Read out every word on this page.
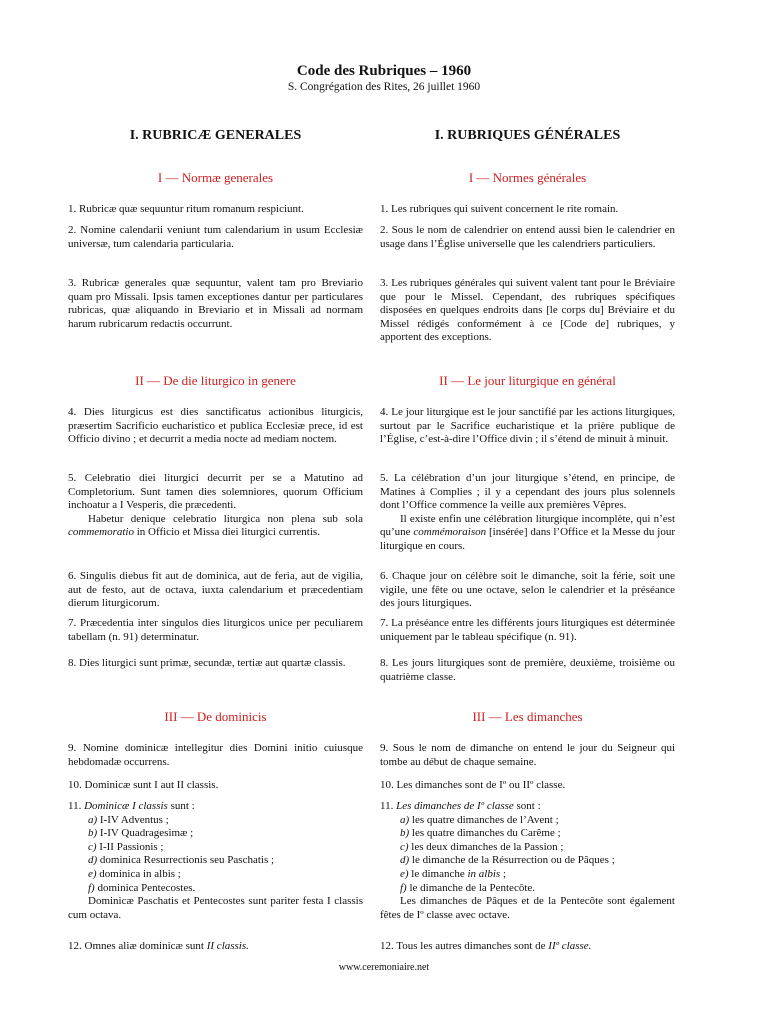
Code des Rubriques – 1960
S. Congrégation des Rites, 26 juillet 1960
I. RUBRICÆ GENERALES
I — Normæ generales

1. Rubricæ quæ sequuntur ritum romanum respiciunt.

2. Nomine calendarii veniunt tum calendarium in usum Ecclesiæ universæ, tum calendaria particularia.

3. Rubricæ generales quæ sequuntur, valent tam pro Breviario quam pro Missali. Ipsis tamen exceptiones dantur per particulares rubricas, quæ aliquando in Breviario et in Missali ad normam harum rubricarum redactis occurrunt.

II — De die liturgico in genere

4. Dies liturgicus est dies sanctificatus actionibus liturgicis, præsertim Sacrificio eucharistico et publica Ecclesiæ prece, id est Officio divino ; et decurrit a media nocte ad mediam noctem.

5. Celebratio diei liturgici decurrit per se a Matutino ad Completorium. Sunt tamen dies solemniores, quorum Officium inchoatur a I Vesperis, die præcedenti.

Habetur denique celebratio liturgica non plena sub sola commemoratio in Officio et Missa diei liturgici currentis.

6. Singulis diebus fit aut de dominica, aut de feria, aut de vigilia, aut de festo, aut de octava, iuxta calendarium et præcedentiam dierum liturgicorum.

7. Præcedentia inter singulos dies liturgicos unice per peculiarem tabellam (n. 91) determinatur.

8. Dies liturgici sunt primæ, secundæ, tertiæ aut quartæ classis.

III — De dominicis

9. Nomine dominicæ intellegitur dies Domini initio cuiusque hebdomadæ occurrens.

10. Dominicæ sunt I aut II classis.

11. Dominicæ I classis sunt :

a) I-IV Adventus ;

b) I-IV Quadragesimæ ;

c) I-II Passionis ;

d) dominica Resurrectionis seu Paschatis ;

e) dominica in albis ;

f) dominica Pentecostes.

Dominicæ Paschatis et Pentecostes sunt pariter festa I classis cum octava.

12. Omnes aliæ dominicæ sunt II classis.

I. RUBRIQUES GÉNÉRALES
I — Normes générales

1. Les rubriques qui suivent concernent le rite romain.

2. Sous le nom de calendrier on entend aussi bien le calendrier en usage dans l’Église universelle que les calendriers particuliers.

3. Les rubriques générales qui suivent valent tant pour le Bréviaire que pour le Missel. Cependant, des rubriques spécifiques disposées en quelques endroits dans [le corps du] Bréviaire et du Missel rédigés conformément à ce [Code de] rubriques, y apportent des exceptions.

II — Le jour liturgique en général

4. Le jour liturgique est le jour sanctifié par les actions liturgiques, surtout par le Sacrifice eucharistique et la prière publique de l’Église, c’est-à-dire l’Office divin ; il s’étend de minuit à minuit.

5. La célébration d’un jour liturgique s’étend, en principe, de Matines à Complies ; il y a cependant des jours plus solennels dont l’Office commence la veille aux premières Vêpres.

Il existe enfin une célébration liturgique incomplète, qui n’est qu’une commémoraison [insérée] dans l’Office et la Messe du jour liturgique en cours.

6. Chaque jour on célèbre soit le dimanche, soit la férie, soit une vigile, une fête ou une octave, selon le calendrier et la préséance des jours liturgiques.

7. La préséance entre les différents jours liturgiques est déterminée uniquement par le tableau spécifique (n. 91).

8. Les jours liturgiques sont de première, deuxième, troisième ou quatrième classe.

III — Les dimanches

9. Sous le nom de dimanche on entend le jour du Seigneur qui tombe au début de chaque semaine.

10. Les dimanches sont de Iº ou IIº classe.

11. Les dimanches de Iº classe sont :

a) les quatre dimanches de l’Avent ;

b) les quatre dimanches du Carême ;

c) les deux dimanches de la Passion ;

d) le dimanche de la Résurrection ou de Pâques ;

e) le dimanche in albis ;

f) le dimanche de la Pentecôte.

Les dimanches de Pâques et de la Pentecôte sont également fêtes de Iº classe avec octave.

12. Tous les autres dimanches sont de IIº classe.

www.ceremoniaire.net
